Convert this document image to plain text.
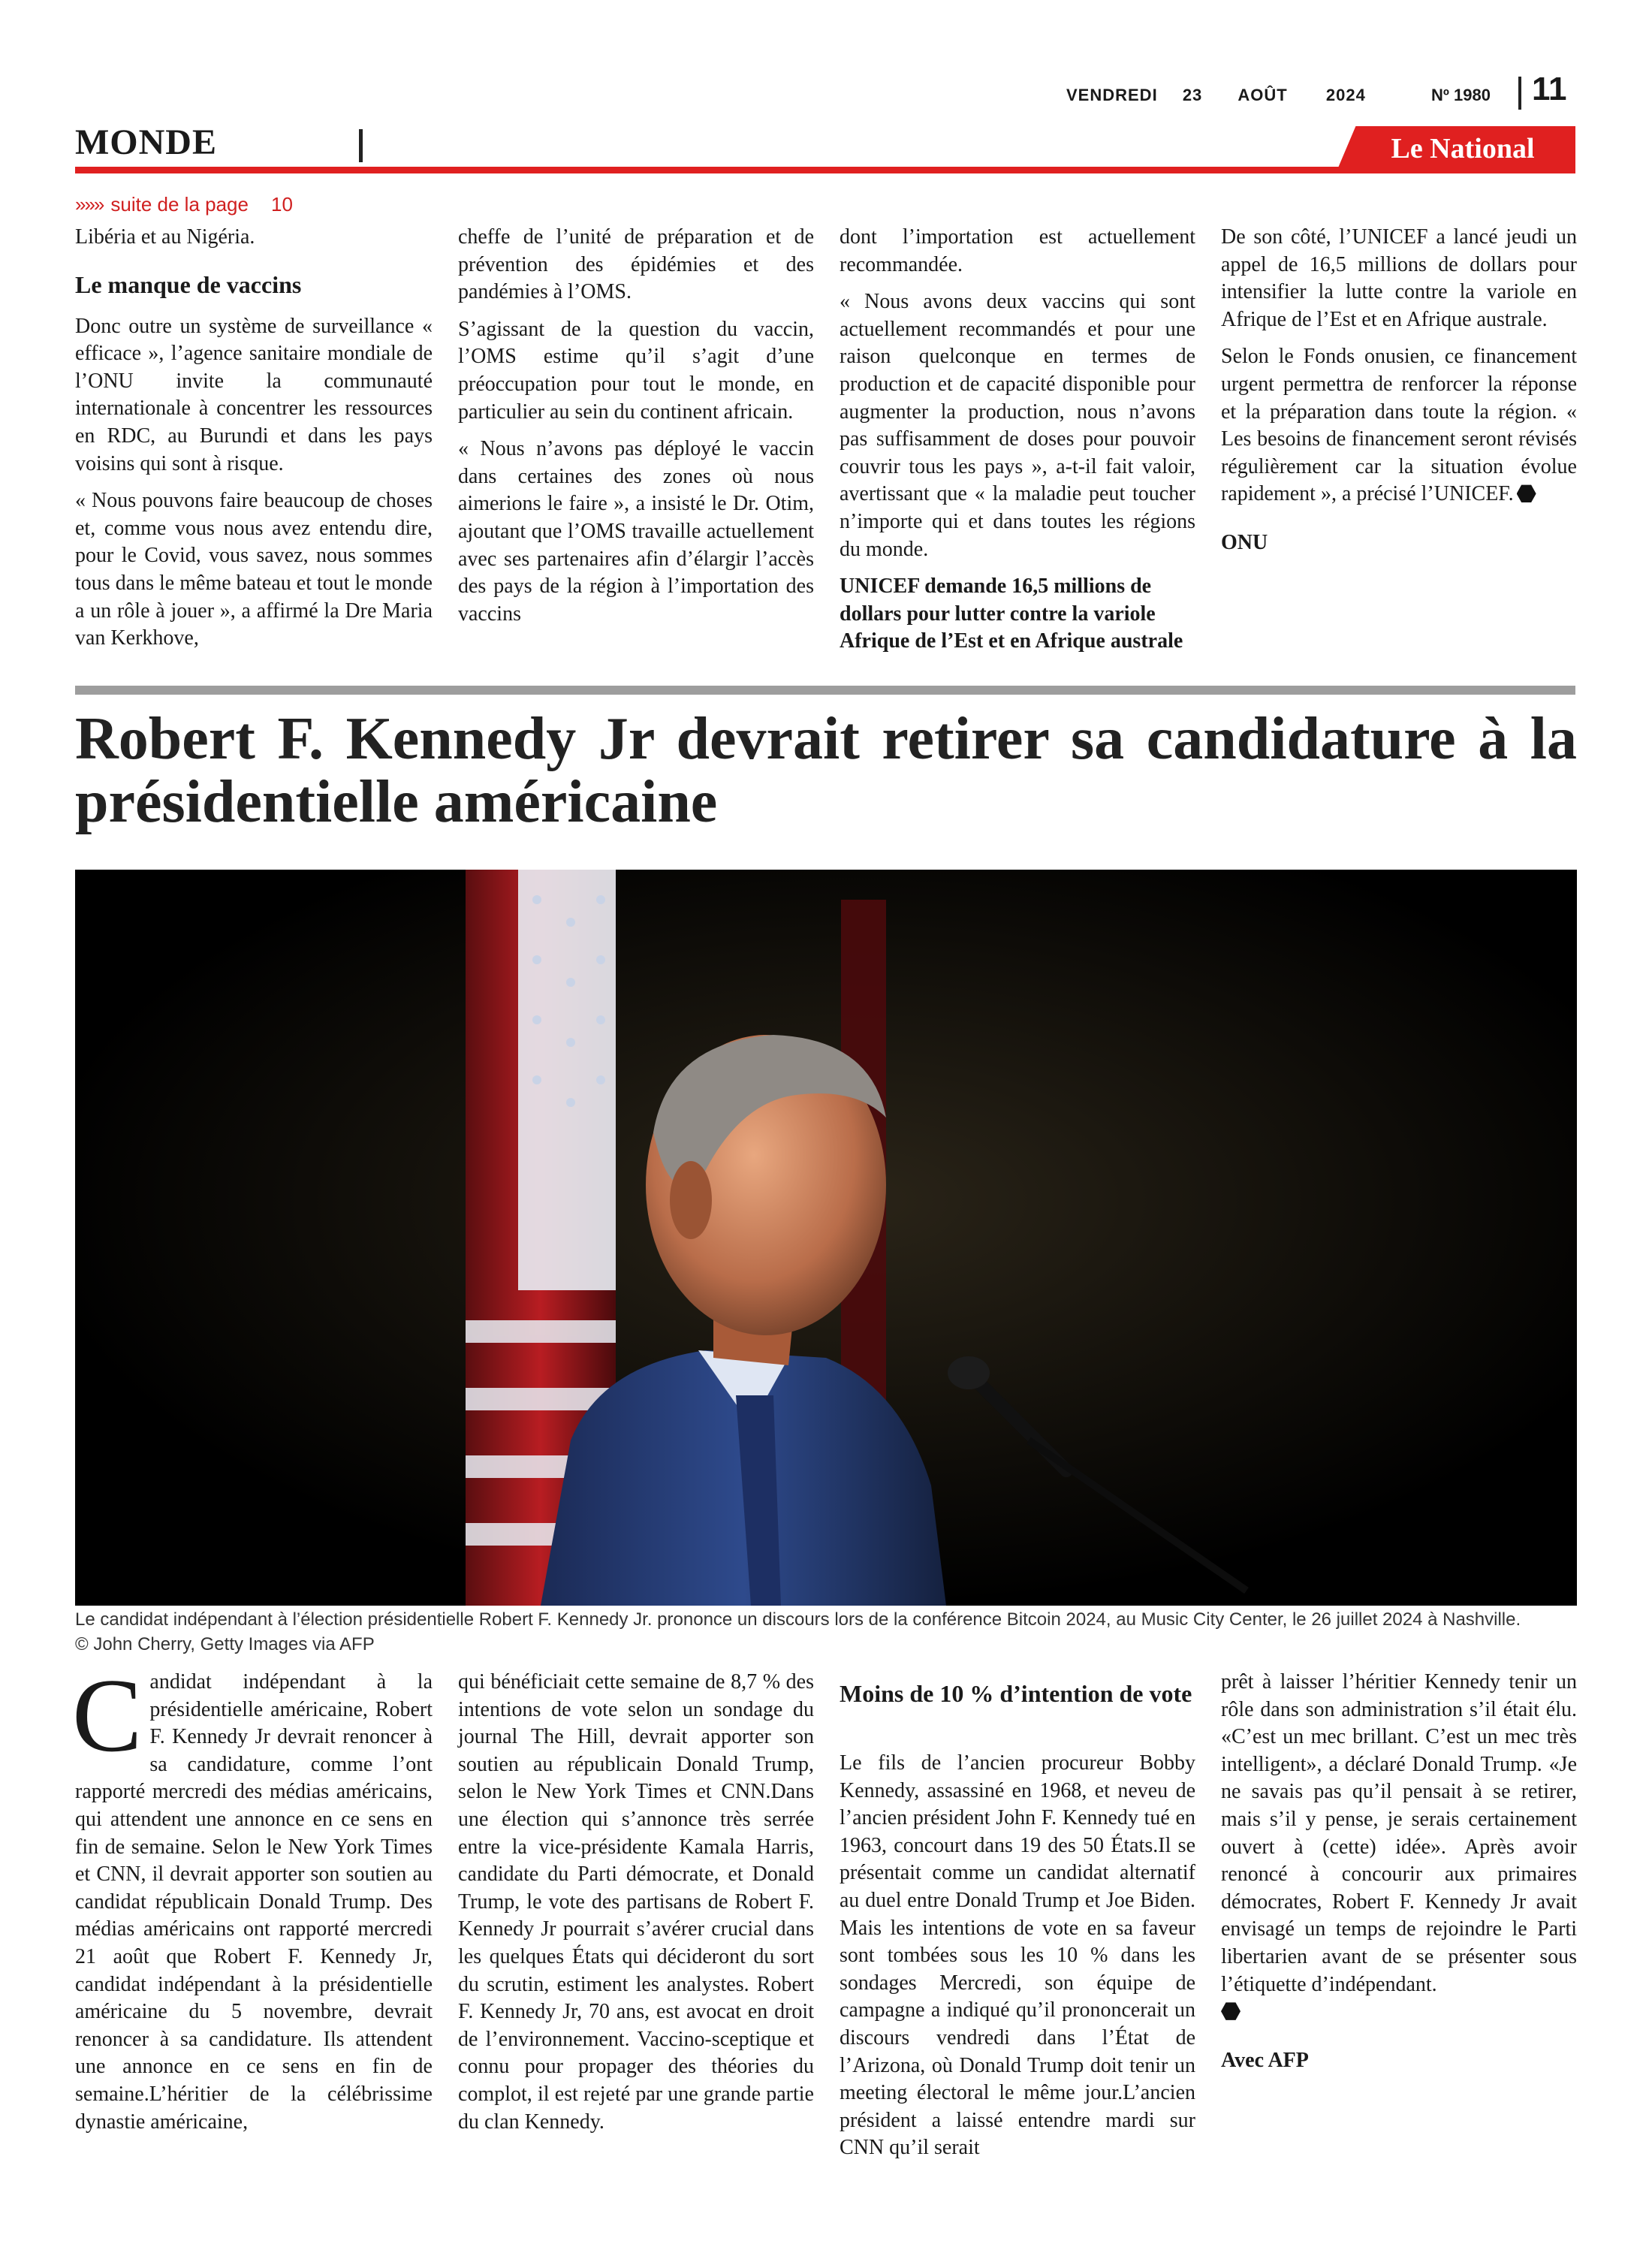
VENDREDI 23 AOÛT 2024	Nº 1980 11
MONDE	Le National
»»» suite de la page 10

Libéria et au Nigéria.

Le manque de vaccins

Donc outre un système de surveillance « efficace », l’agence sanitaire mondiale de l’ONU invite la communauté internationale à concentrer les ressources en RDC, au Burundi et dans les pays voisins qui sont à risque.

« Nous pouvons faire beaucoup de choses et, comme vous nous avez entendu dire, pour le Covid, vous savez, nous sommes tous dans le même bateau et tout le monde a un rôle à jouer », a affirmé la Dre Maria van Kerkhove,

cheffe de l’unité de préparation et de prévention des épidémies et des pandémies à l’OMS.

S’agissant de la question du vaccin, l’OMS estime qu’il s’agit d’une préoccupation pour tout le monde, en particulier au sein du continent africain.

« Nous n’avons pas déployé le vaccin dans certaines des zones où nous aimerions le faire », a insisté le Dr. Otim, ajoutant que l’OMS travaille actuellement avec ses partenaires afin d’élargir l’accès des pays de la région à l’importation des vaccins

dont l’importation est actuellement recommandée.

« Nous avons deux vaccins qui sont actuellement recommandés et pour une raison quelconque en termes de production et de capacité disponible pour augmenter la production, nous n’avons pas suffisamment de doses pour pouvoir couvrir tous les pays », a-t-il fait valoir, avertissant que « la maladie peut toucher n’importe qui et dans toutes les régions du monde.

UNICEF demande 16,5 millions de dollars pour lutter contre la variole Afrique de l’Est et en Afrique australe

De son côté, l’UNICEF a lancé jeudi un appel de 16,5 millions de dollars pour intensifier la lutte contre la variole en Afrique de l’Est et en Afrique australe.

Selon le Fonds onusien, ce financement urgent permettra de renforcer la réponse et la préparation dans toute la région. « Les besoins de financement seront révisés régulièrement car la situation évolue rapidement », a précisé l’UNICEF.

ONU

Robert F. Kennedy Jr devrait retirer sa candidature à la présidentielle américaine
Le candidat indépendant à l’élection présidentielle Robert F. Kennedy Jr. prononce un discours lors de la conférence Bitcoin 2024, au Music City Center, le 26 juillet 2024 à Nashville.
© John Cherry, Getty Images via AFP

Candidat indépendant à la présidentielle américaine, Robert F. Kennedy Jr devrait renoncer à sa candidature, comme l’ont rapporté mercredi des médias américains, qui attendent une annonce en ce sens en fin de semaine. Selon le New York Times et CNN, il devrait apporter son soutien au candidat républicain Donald Trump. Des médias américains ont rapporté mercredi 21 août que Robert F. Kennedy Jr, candidat indépendant à la présidentielle américaine du 5 novembre, devrait renoncer à sa candidature. Ils attendent une annonce en ce sens en fin de semaine.L’héritier de la célébrissime dynastie américaine,

qui bénéficiait cette semaine de 8,7 % des intentions de vote selon un sondage du journal The Hill, devrait apporter son soutien au républicain Donald Trump, selon le New York Times et CNN.Dans une élection qui s’annonce très serrée entre la vice-présidente Kamala Harris, candidate du Parti démocrate, et Donald Trump, le vote des partisans de Robert F. Kennedy Jr pourrait s’avérer crucial dans les quelques États qui décideront du sort du scrutin, estiment les analystes. Robert F. Kennedy Jr, 70 ans, est avocat en droit de l’environnement. Vaccino-sceptique et connu pour propager des théories du complot, il est rejeté par une grande partie du clan Kennedy.

Moins de 10 % d’intention de vote

Le fils de l’ancien procureur Bobby Kennedy, assassiné en 1968, et neveu de l’ancien président John F. Kennedy tué en 1963, concourt dans 19 des 50 États.Il se présentait comme un candidat alternatif au duel entre Donald Trump et Joe Biden. Mais les intentions de vote en sa faveur sont tombées sous les 10 % dans les sondages Mercredi, son équipe de campagne a indiqué qu’il prononcerait un discours vendredi dans l’État de l’Arizona, où Donald Trump doit tenir un meeting électoral le même jour.L’ancien président a laissé entendre mardi sur CNN qu’il serait

prêt à laisser l’héritier Kennedy tenir un rôle dans son administration s’il était élu. «C’est un mec brillant. C’est un mec très intelligent», a déclaré Donald Trump. «Je ne savais pas qu’il pensait à se retirer, mais s’il y pense, je serais certainement ouvert à (cette) idée». Après avoir renoncé à concourir aux primaires démocrates, Robert F. Kennedy Jr avait envisagé un temps de rejoindre le Parti libertarien avant de se présenter sous l’étiquette d’indépendant.

Avec AFP
